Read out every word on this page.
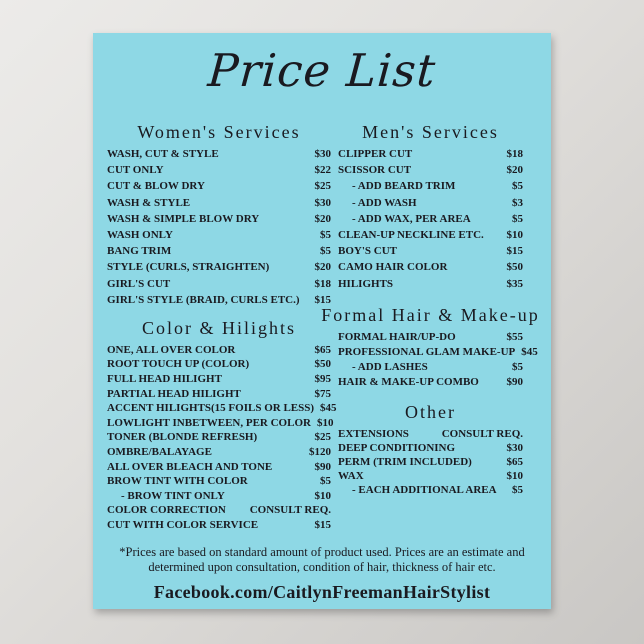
Price List
Women's Services
WASH, CUT & STYLE	$30
CUT ONLY	$22
CUT & BLOW DRY	$25
WASH & STYLE	$30
WASH & SIMPLE BLOW DRY	$20
WASH ONLY	$5
BANG TRIM	$5
STYLE (CURLS, STRAIGHTEN)	$20
GIRL'S CUT	$18
GIRL'S STYLE (BRAID, CURLS ETC.) $15
Color & Hilights
ONE, ALL OVER COLOR	$65
ROOT TOUCH UP (COLOR)	$50
FULL HEAD HILIGHT	$95
PARTIAL HEAD HILIGHT	$75
ACCENT HILIGHTS(15 FOILS OR LESS) $45
LOWLIGHT INBETWEEN, PER COLOR $10
TONER (BLONDE REFRESH)	$25
OMBRE/BALAYAGE	$120
ALL OVER BLEACH AND TONE	$90
BROW TINT WITH COLOR	$5
- BROW TINT ONLY	$10
COLOR CORRECTION CONSULT REQ.
CUT WITH COLOR SERVICE	$15
Men's Services
CLIPPER CUT	$18
SCISSOR CUT	$20
- ADD BEARD TRIM	$5
- ADD WASH	$3
- ADD WAX, PER AREA	$5
CLEAN-UP NECKLINE ETC. $10
BOY'S CUT	$15
CAMO HAIR COLOR	$50
HILIGHTS	$35
Formal Hair & Make-up
FORMAL HAIR/UP-DO	$55
PROFESSIONAL GLAM MAKE-UP $45
- ADD LASHES	$5
HAIR & MAKE-UP COMBO	$90
Other
EXTENSIONS	CONSULT REQ.
DEEP CONDITIONING	$30
PERM (TRIM INCLUDED)	$65
WAX	$10
- EACH ADDITIONAL AREA $5
*Prices are based on standard amount of product used. Prices are an estimate and
determined upon consultation, condition of hair, thickness of hair etc.
Facebook.com/CaitlynFreemanHairStylist
